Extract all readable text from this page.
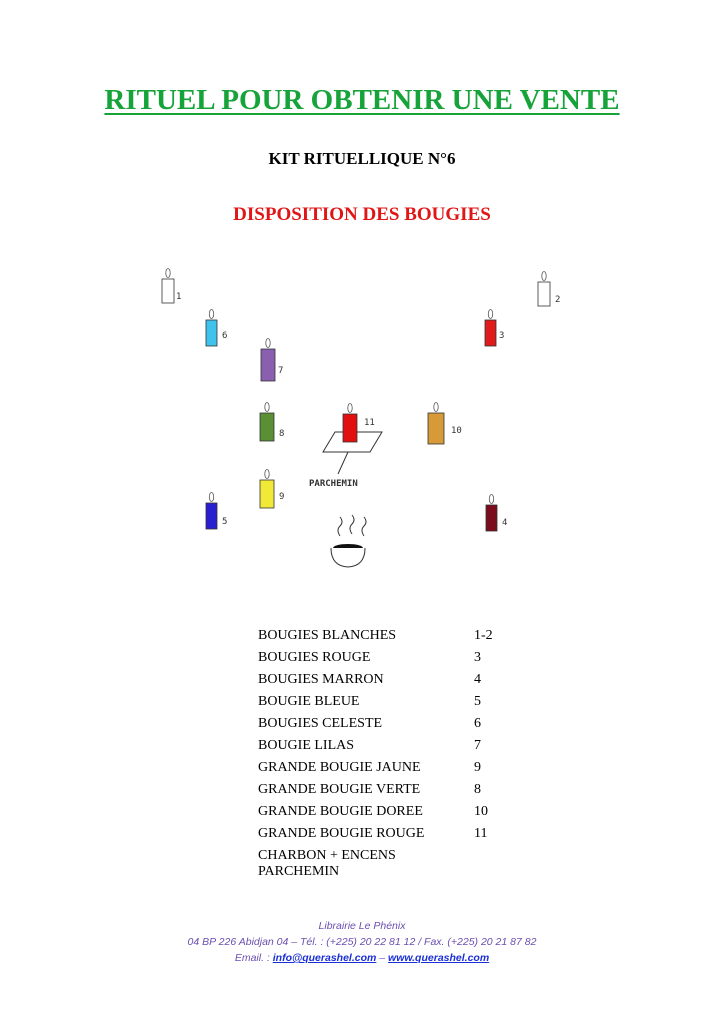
RITUEL POUR OBTENIR UNE VENTE
KIT RITUELLIQUE N°6
DISPOSITION DES BOUGIES
PARCHEMIN
1	2
3
4
5
6
7
8
9
10
11
BOUGIES BLANCHES	1-2
BOUGIES ROUGE	3
BOUGIES MARRON	4
BOUGIE BLEUE	5
BOUGIES CELESTE	6
BOUGIE LILAS	7
GRANDE BOUGIE JAUNE	9
GRANDE BOUGIE VERTE	8
GRANDE BOUGIE DOREE	10
GRANDE BOUGIE ROUGE	11
CHARBON + ENCENS PARCHEMIN
Librairie Le Phénix
04 BP 226 Abidjan 04 – Tél. : (+225) 20 22 81 12 / Fax. (+225) 20 21 87 82
Email. : info@querashel.com – www.querashel.com
